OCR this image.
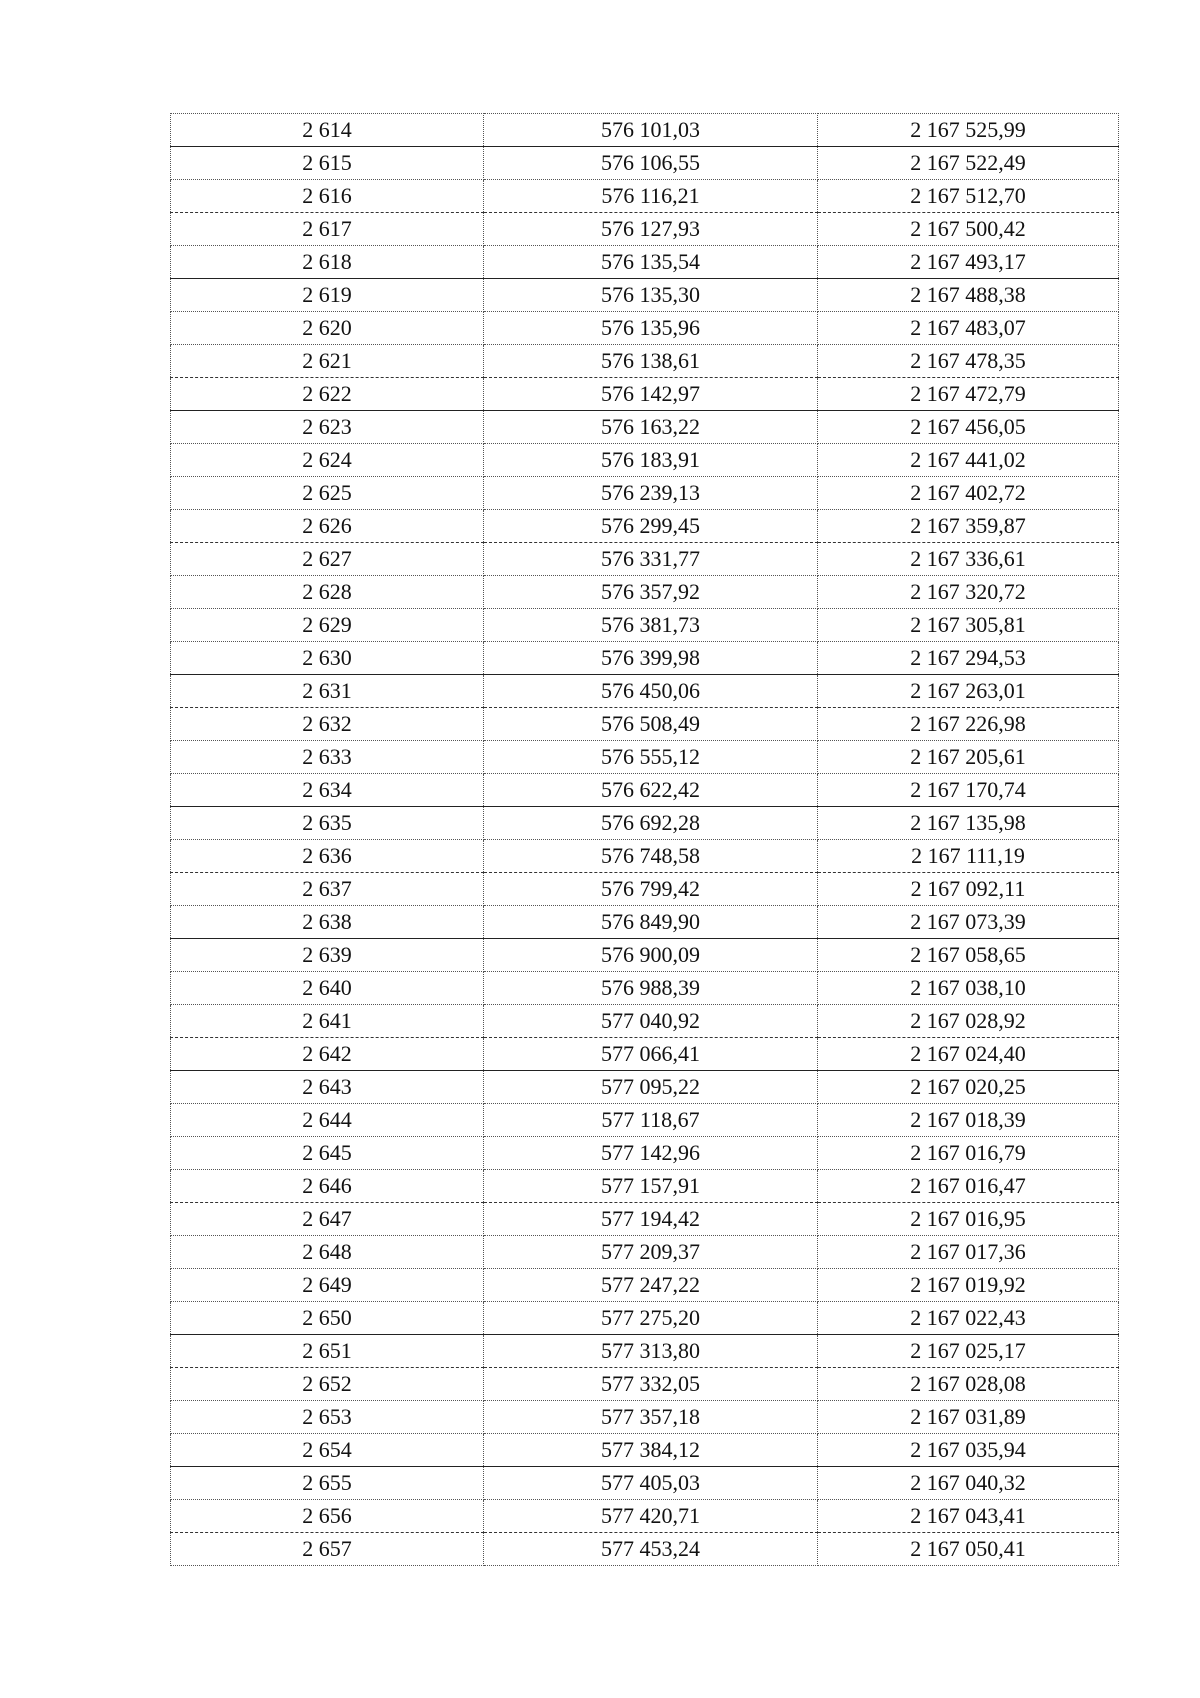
2 614	576 101,03	2 167 525,99
2 615	576 106,55	2 167 522,49
2 616	576 116,21	2 167 512,70
2 617	576 127,93	2 167 500,42
2 618	576 135,54	2 167 493,17
2 619	576 135,30	2 167 488,38
2 620	576 135,96	2 167 483,07
2 621	576 138,61	2 167 478,35
2 622	576 142,97	2 167 472,79
2 623	576 163,22	2 167 456,05
2 624	576 183,91	2 167 441,02
2 625	576 239,13	2 167 402,72
2 626	576 299,45	2 167 359,87
2 627	576 331,77	2 167 336,61
2 628	576 357,92	2 167 320,72
2 629	576 381,73	2 167 305,81
2 630	576 399,98	2 167 294,53
2 631	576 450,06	2 167 263,01
2 632	576 508,49	2 167 226,98
2 633	576 555,12	2 167 205,61
2 634	576 622,42	2 167 170,74
2 635	576 692,28	2 167 135,98
2 636	576 748,58	2 167 111,19
2 637	576 799,42	2 167 092,11
2 638	576 849,90	2 167 073,39
2 639	576 900,09	2 167 058,65
2 640	576 988,39	2 167 038,10
2 641	577 040,92	2 167 028,92
2 642	577 066,41	2 167 024,40
2 643	577 095,22	2 167 020,25
2 644	577 118,67	2 167 018,39
2 645	577 142,96	2 167 016,79
2 646	577 157,91	2 167 016,47
2 647	577 194,42	2 167 016,95
2 648	577 209,37	2 167 017,36
2 649	577 247,22	2 167 019,92
2 650	577 275,20	2 167 022,43
2 651	577 313,80	2 167 025,17
2 652	577 332,05	2 167 028,08
2 653	577 357,18	2 167 031,89
2 654	577 384,12	2 167 035,94
2 655	577 405,03	2 167 040,32
2 656	577 420,71	2 167 043,41
2 657	577 453,24	2 167 050,41
